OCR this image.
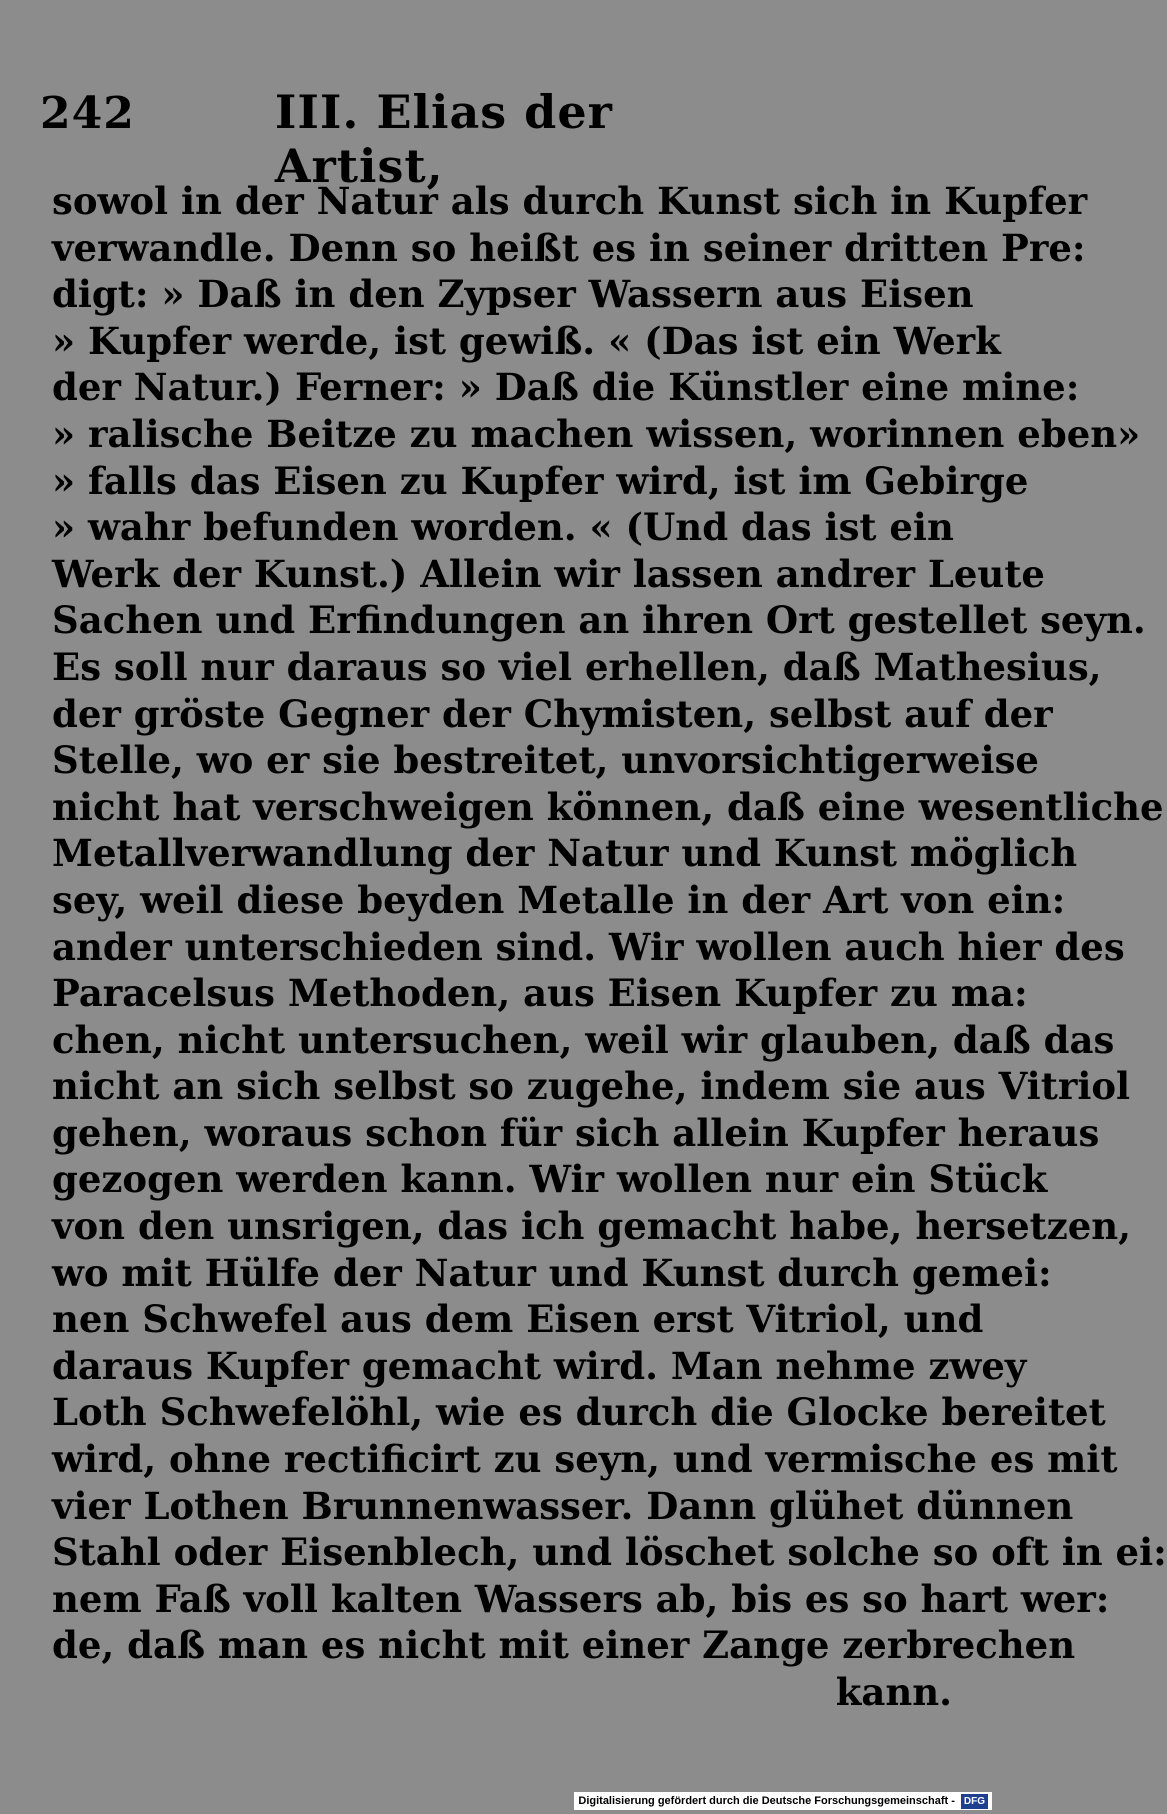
242	III. Elias der Artist,
sowol in der Natur als durch Kunst sich in Kupfer
verwandle. Denn so heißt es in seiner dritten Pre:
digt: » Daß in den Zypser Wassern aus Eisen
» Kupfer werde, ist gewiß. « (Das ist ein Werk
der Natur.) Ferner: » Daß die Künstler eine mine:
» ralische Beitze zu machen wissen, worinnen eben»
» falls das Eisen zu Kupfer wird, ist im Gebirge
» wahr befunden worden. « (Und das ist ein
Werk der Kunst.) Allein wir lassen andrer Leute
Sachen und Erfindungen an ihren Ort gestellet seyn.
Es soll nur daraus so viel erhellen, daß Mathesius,
der gröste Gegner der Chymisten, selbst auf der
Stelle, wo er sie bestreitet, unvorsichtigerweise
nicht hat verschweigen können, daß eine wesentliche
Metallverwandlung der Natur und Kunst möglich
sey, weil diese beyden Metalle in der Art von ein:
ander unterschieden sind. Wir wollen auch hier des
Paracelsus Methoden, aus Eisen Kupfer zu ma:
chen, nicht untersuchen, weil wir glauben, daß das
nicht an sich selbst so zugehe, indem sie aus Vitriol
gehen, woraus schon für sich allein Kupfer heraus
gezogen werden kann. Wir wollen nur ein Stück
von den unsrigen, das ich gemacht habe, hersetzen,
wo mit Hülfe der Natur und Kunst durch gemei:
nen Schwefel aus dem Eisen erst Vitriol, und
daraus Kupfer gemacht wird. Man nehme zwey
Loth Schwefelöhl, wie es durch die Glocke bereitet
wird, ohne rectificirt zu seyn, und vermische es mit
vier Lothen Brunnenwasser. Dann glühet dünnen
Stahl oder Eisenblech, und löschet solche so oft in ei:
nem Faß voll kalten Wassers ab, bis es so hart wer:
de, daß man es nicht mit einer Zange zerbrechen
kann.
Digitalisierung gefördert durch die Deutsche Forschungsgemeinschaft - DFG
